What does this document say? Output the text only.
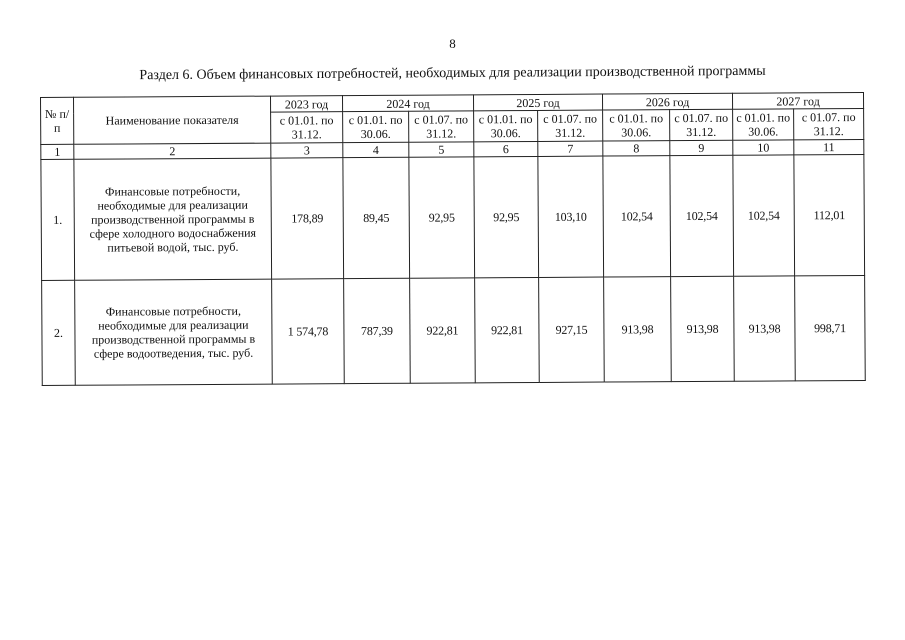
8
Раздел 6. Объем финансовых потребностей, необходимых для реализации производственной программы
№ п/п	Наименование показателя	2023 год	2024 год		2025 год		2026 год		2027 год	
		с 01.01. по 31.12.	с 01.01. по 30.06.	с 01.07. по 31.12.	с 01.01. по 30.06.	с 01.07. по 31.12.	с 01.01. по 30.06.	с 01.07. по 31.12.	с 01.01. по 30.06.	с 01.07. по 31.12.
1	2	3	4	5	6	7	8	9	10	11
1.	Финансовые потребности, необходимые для реализации производственной программы в сфере холодного водоснабжения питьевой водой, тыс. руб.	178,89	89,45	92,95	92,95	103,10	102,54	102,54	102,54	112,01
2.	Финансовые потребности, необходимые для реализации производственной программы в сфере водоотведения, тыс. руб.	1 574,78	787,39	922,81	922,81	927,15	913,98	913,98	913,98	998,71
